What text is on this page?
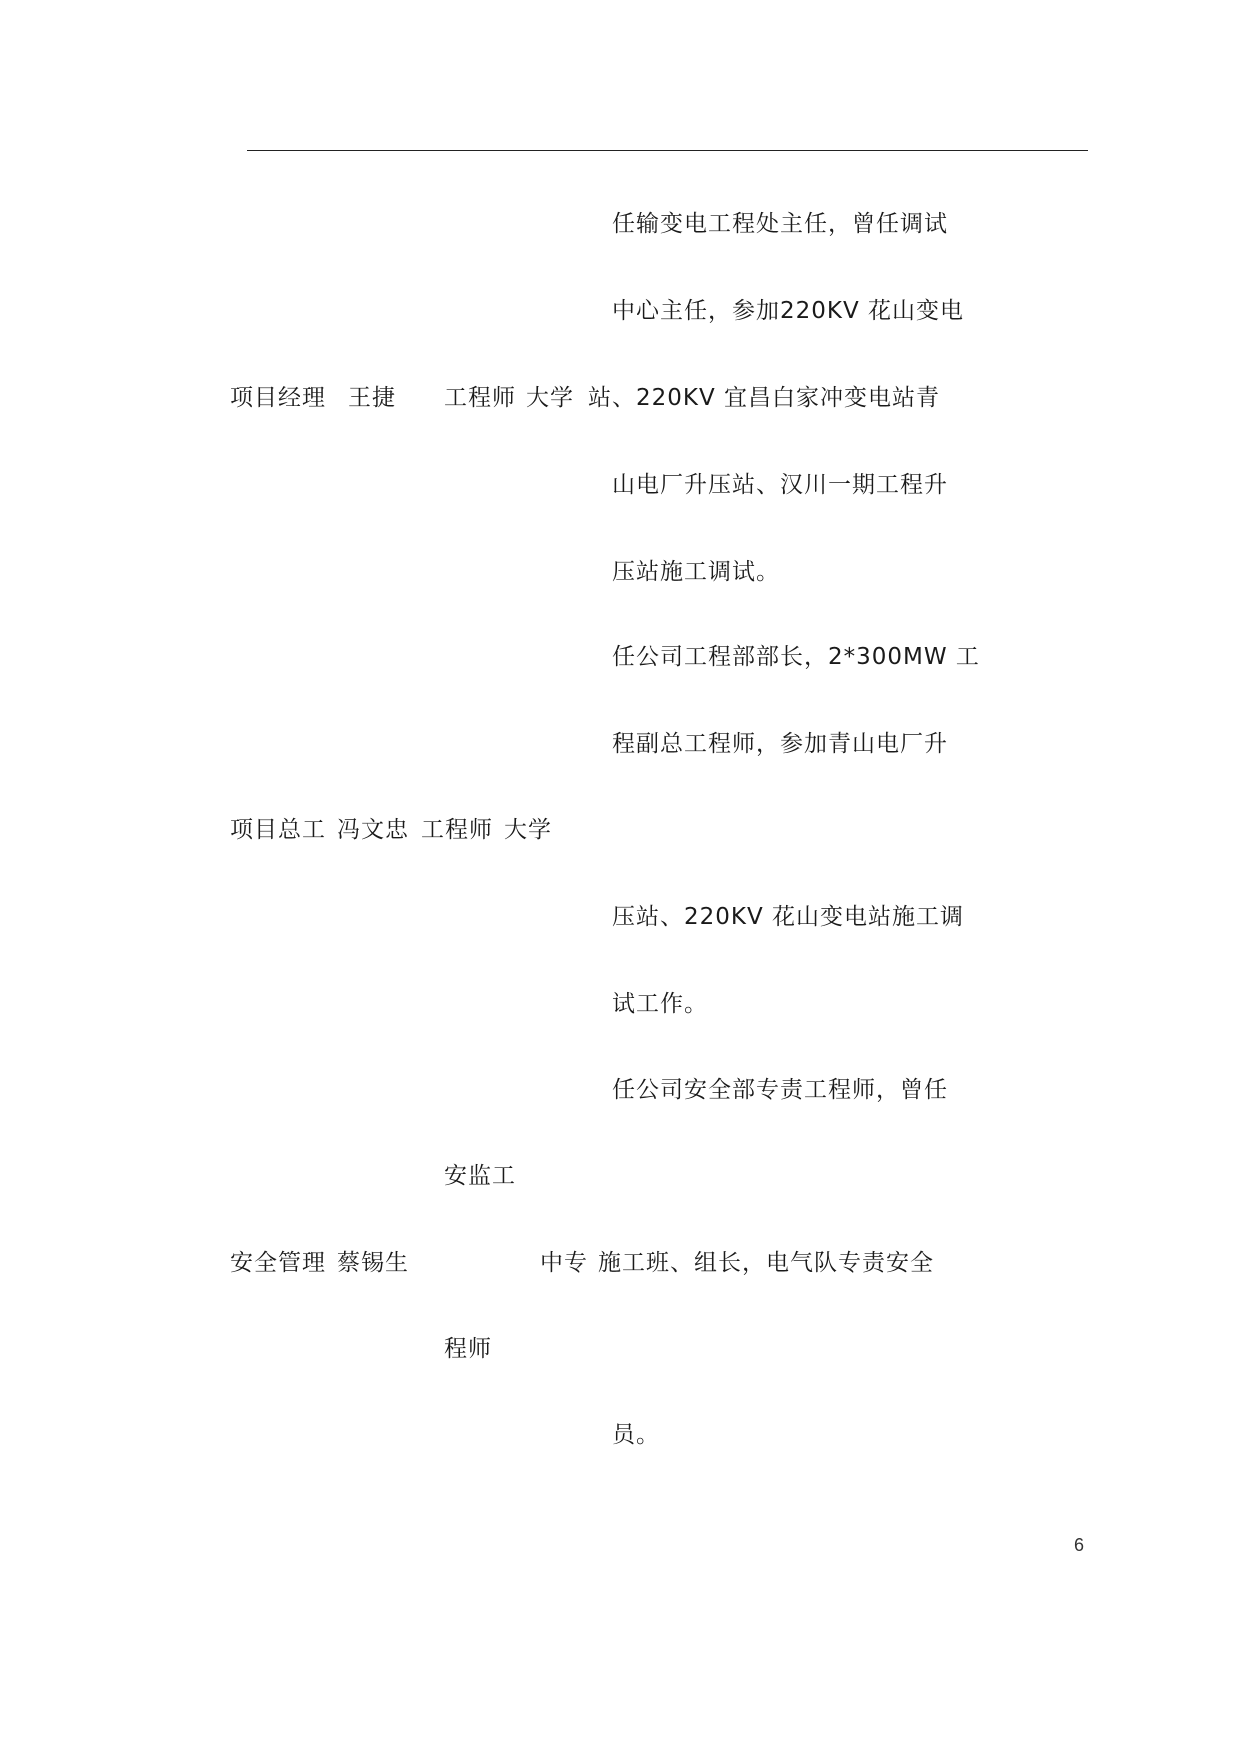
任输变电工程处主任，曾任调试
中心主任，参加220KV 花山变电
项目经理 王捷 工程师 大学 站、220KV 宜昌白家冲变电站青
山电厂升压站、汉川一期工程升
压站施工调试。
任公司工程部部长，2*300MW 工
程副总工程师，参加青山电厂升
项目总工 冯文忠 工程师 大学
压站、220KV 花山变电站施工调
试工作。
任公司安全部专责工程师，曾任
安监工
安全管理 蔡锡生	中专 施工班、组长，电气队专责安全
程师
员。
6
